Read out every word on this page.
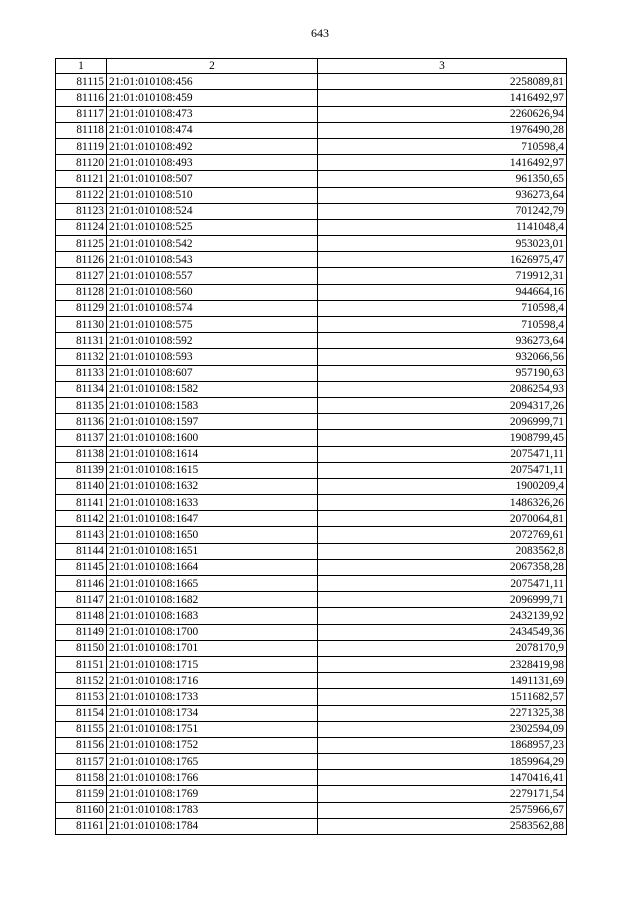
643
1	2	3
81115	21:01:010108:456	2258089,81
81116	21:01:010108:459	1416492,97
81117	21:01:010108:473	2260626,94
81118	21:01:010108:474	1976490,28
81119	21:01:010108:492	710598,4
81120	21:01:010108:493	1416492,97
81121	21:01:010108:507	961350,65
81122	21:01:010108:510	936273,64
81123	21:01:010108:524	701242,79
81124	21:01:010108:525	1141048,4
81125	21:01:010108:542	953023,01
81126	21:01:010108:543	1626975,47
81127	21:01:010108:557	719912,31
81128	21:01:010108:560	944664,16
81129	21:01:010108:574	710598,4
81130	21:01:010108:575	710598,4
81131	21:01:010108:592	936273,64
81132	21:01:010108:593	932066,56
81133	21:01:010108:607	957190,63
81134	21:01:010108:1582	2086254,93
81135	21:01:010108:1583	2094317,26
81136	21:01:010108:1597	2096999,71
81137	21:01:010108:1600	1908799,45
81138	21:01:010108:1614	2075471,11
81139	21:01:010108:1615	2075471,11
81140	21:01:010108:1632	1900209,4
81141	21:01:010108:1633	1486326,26
81142	21:01:010108:1647	2070064,81
81143	21:01:010108:1650	2072769,61
81144	21:01:010108:1651	2083562,8
81145	21:01:010108:1664	2067358,28
81146	21:01:010108:1665	2075471,11
81147	21:01:010108:1682	2096999,71
81148	21:01:010108:1683	2432139,92
81149	21:01:010108:1700	2434549,36
81150	21:01:010108:1701	2078170,9
81151	21:01:010108:1715	2328419,98
81152	21:01:010108:1716	1491131,69
81153	21:01:010108:1733	1511682,57
81154	21:01:010108:1734	2271325,38
81155	21:01:010108:1751	2302594,09
81156	21:01:010108:1752	1868957,23
81157	21:01:010108:1765	1859964,29
81158	21:01:010108:1766	1470416,41
81159	21:01:010108:1769	2279171,54
81160	21:01:010108:1783	2575966,67
81161	21:01:010108:1784	2583562,88
